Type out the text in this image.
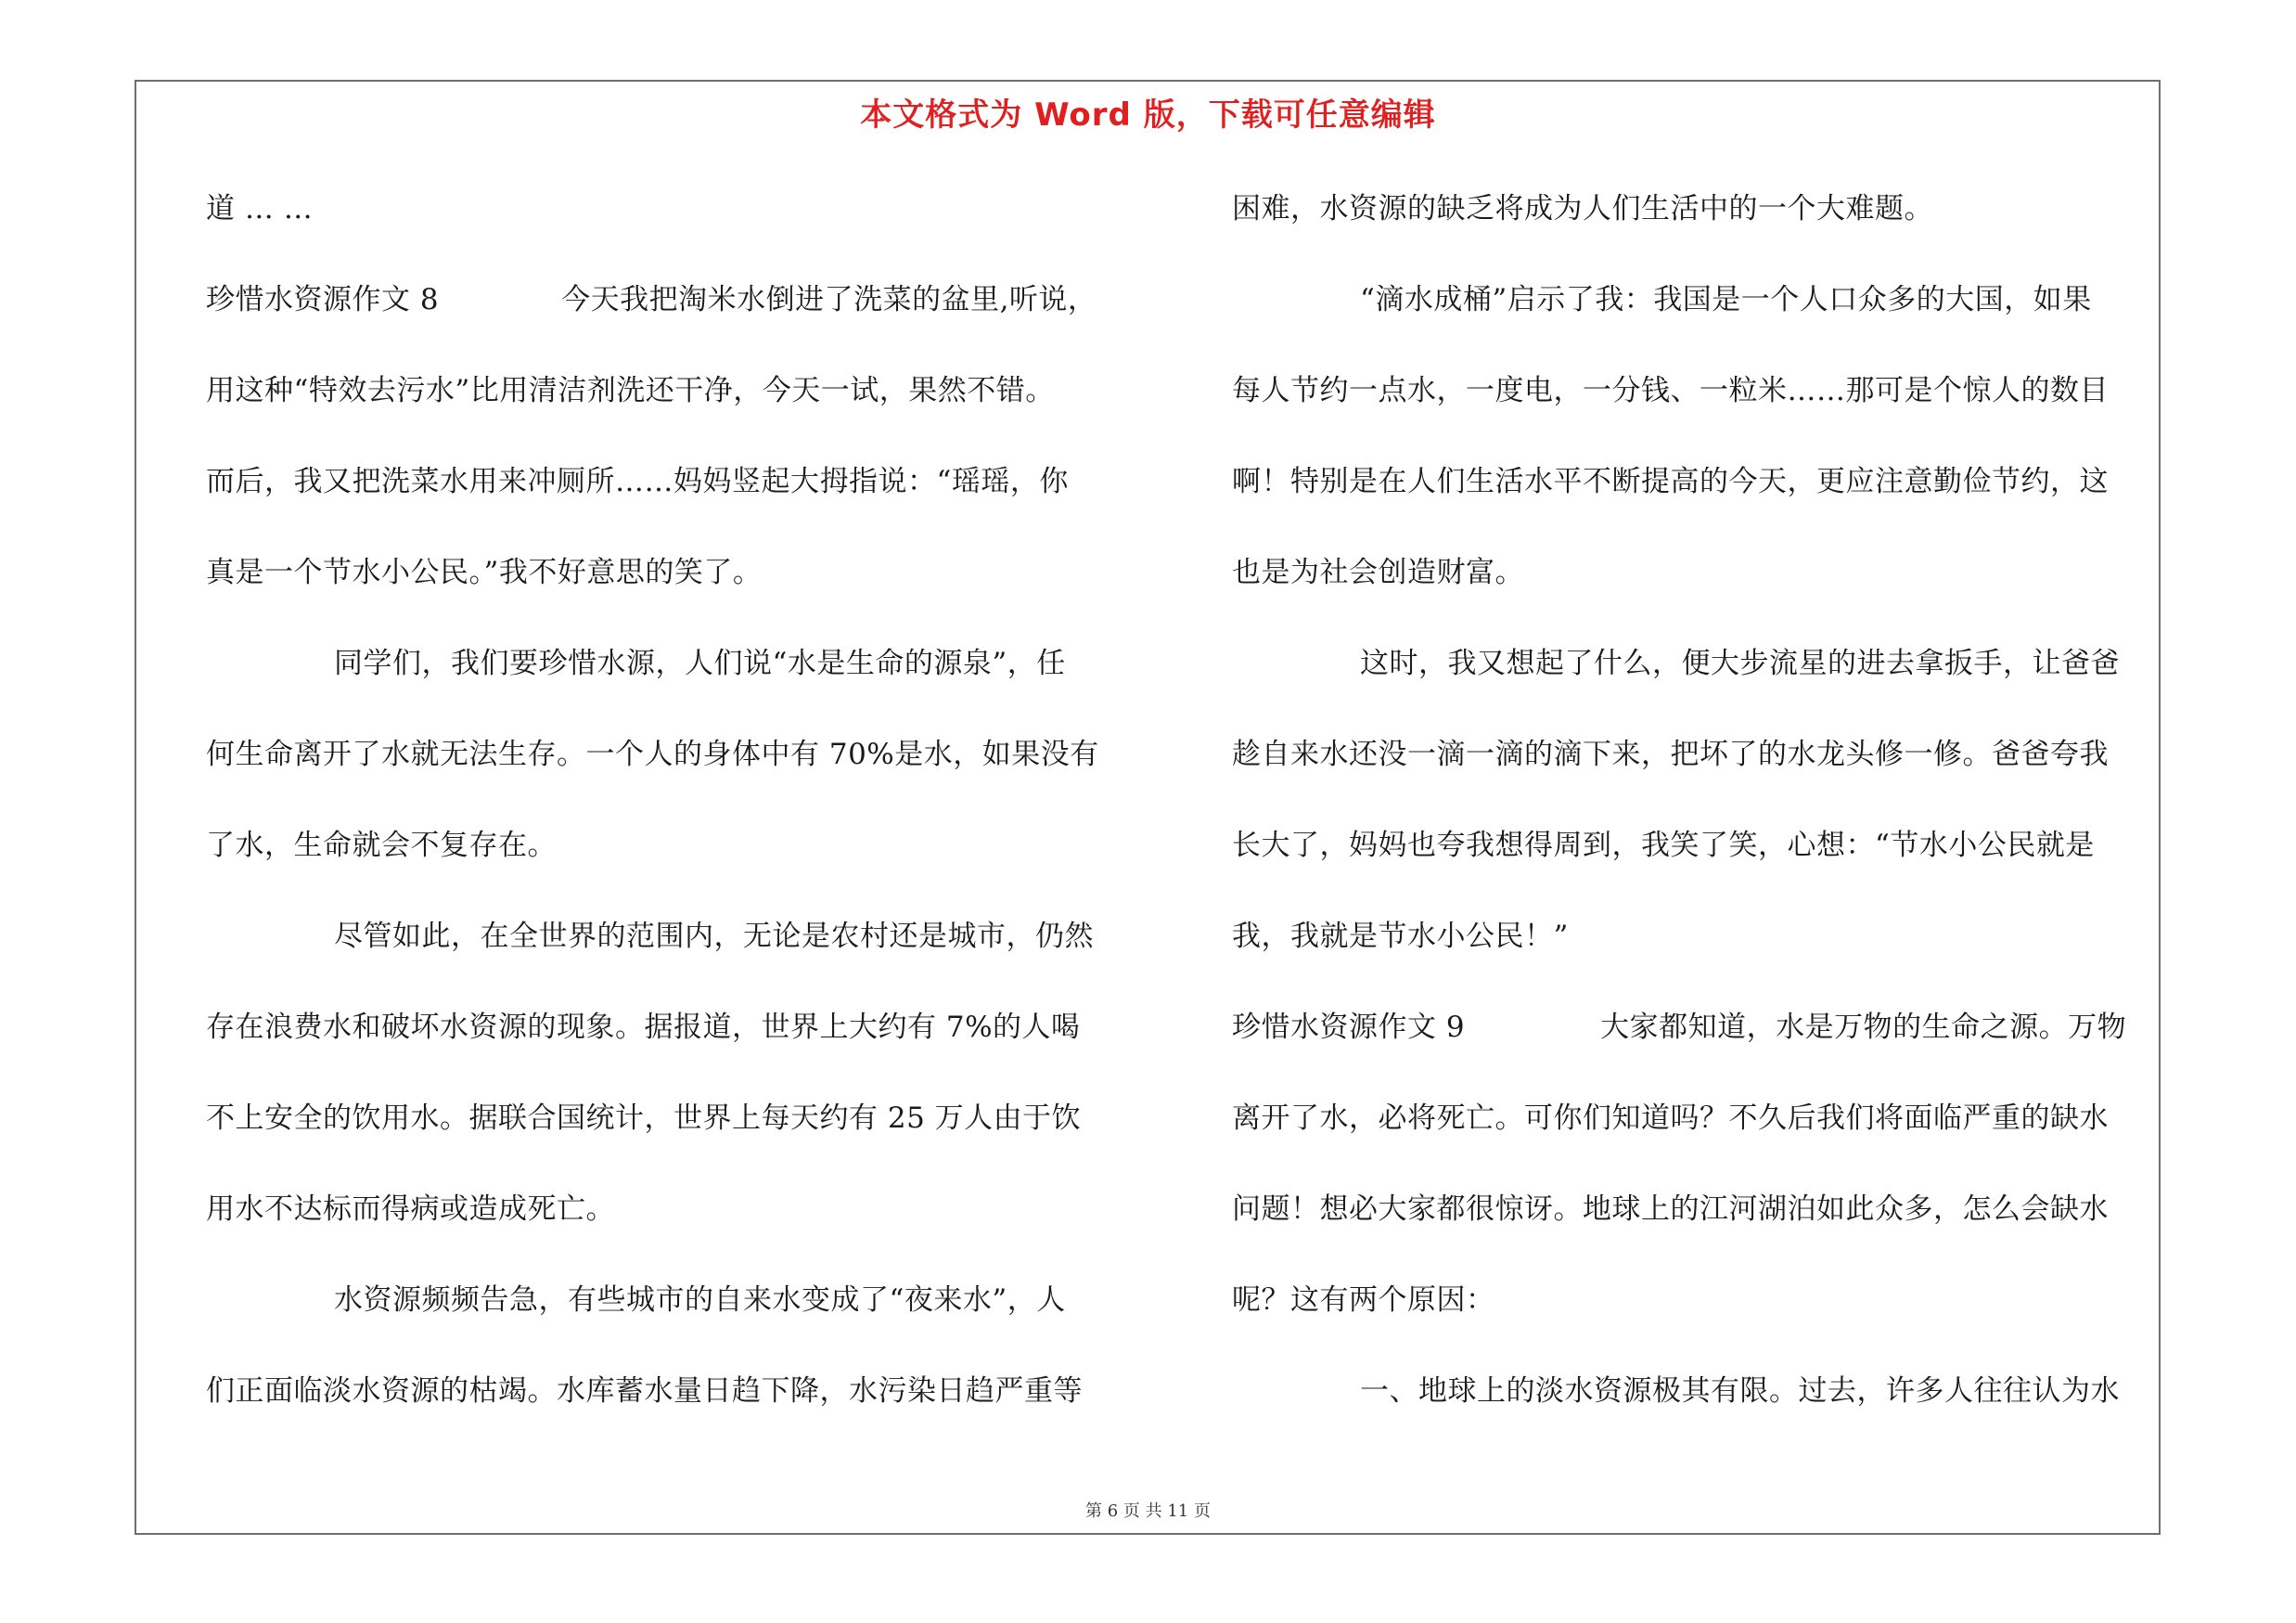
本文格式为 Word 版，下载可任意编辑
道 … …
珍惜水资源作文 8	今天我把淘米水倒进了洗菜的盆里,听说，
用这种“特效去污水”比用清洁剂洗还干净，今天一试，果然不错。
而后，我又把洗菜水用来冲厕所……妈妈竖起大拇指说：“瑶瑶，你
真是一个节水小公民。”我不好意思的笑了。
同学们，我们要珍惜水源，人们说“水是生命的源泉”，任
何生命离开了水就无法生存。一个人的身体中有 70%是水，如果没有
了水，生命就会不复存在。
尽管如此，在全世界的范围内，无论是农村还是城市，仍然
存在浪费水和破坏水资源的现象。据报道，世界上大约有 7%的人喝
不上安全的饮用水。据联合国统计，世界上每天约有 25 万人由于饮
用水不达标而得病或造成死亡。
水资源频频告急，有些城市的自来水变成了“夜来水”，人
们正面临淡水资源的枯竭。水库蓄水量日趋下降，水污染日趋严重等
困难，水资源的缺乏将成为人们生活中的一个大难题。
“滴水成桶”启示了我：我国是一个人口众多的大国，如果
每人节约一点水，一度电，一分钱、一粒米……那可是个惊人的数目
啊！特别是在人们生活水平不断提高的今天，更应注意勤俭节约，这
也是为社会创造财富。
这时，我又想起了什么，便大步流星的进去拿扳手，让爸爸
趁自来水还没一滴一滴的滴下来，把坏了的水龙头修一修。爸爸夸我
长大了，妈妈也夸我想得周到，我笑了笑，心想：“节水小公民就是
我，我就是节水小公民！”
珍惜水资源作文 9	大家都知道，水是万物的生命之源。万物
离开了水，必将死亡。可你们知道吗？不久后我们将面临严重的缺水
问题！想必大家都很惊讶。地球上的江河湖泊如此众多，怎么会缺水
呢？这有两个原因：
一、地球上的淡水资源极其有限。过去，许多人往往认为水
第 6 页 共 11 页
